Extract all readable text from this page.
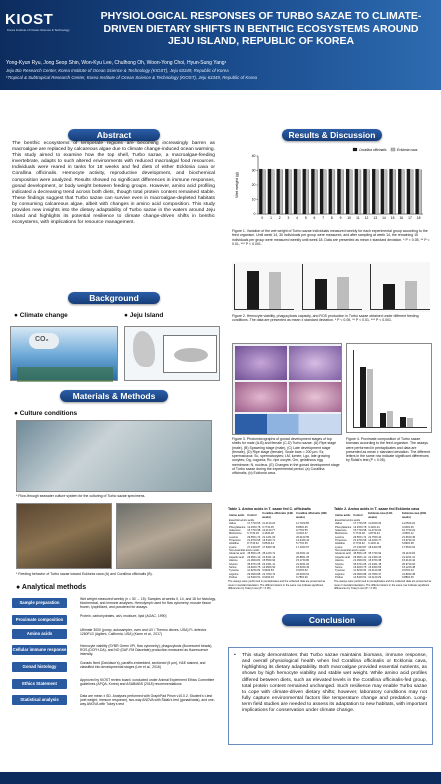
KIOST
Korea Institute of Ocean Science & Technology
PHYSIOLOGICAL RESPONSES OF TURBO SAZAE TO CLIMATE-DRIVEN DIETARY SHIFTS IN BENTHIC ECOSYSTEMS AROUND JEJU ISLAND, REPUBLIC OF KOREA
Yong-Kyun Ryu, Jong Seop Shin, Won-Kyu Lee, Chulhong Oh, Woon-Yong Choi, Hyun-Sung Yang¹
Jeju Bio Research Center, Korea Institute of Ocean Science & Technology (KIOST), Jeju 63349, Republic of Korea
¹Tropical & Subtropical Research Center, Korea Institute of Ocean Science & Technology (KIOST), Jeju 63349, Republic of Korea
Abstract
The benthic ecosystems of temperate regions are becoming increasingly barren as macroalgae are replaced by calcareous algae due to climate change-induced ocean warming. This study aimed to examine how the top shell, Turbo sazae, a macroalgae-feeding invertebrate, adapts to such altered environments with reduced macroalgal food resources. Individuals were reared in tanks for 18 weeks and fed diets of either Ecklonia cava or Corallina officinalis. Hemocyte activity, reproductive development, and biochemical composition were analyzed. Results showed no significant differences in immune responses, gonad development, or body weight between feeding groups. However, amino acid profiling indicated a decreasing trend across both diets, though total protein content remained stable. These findings suggest that Turbo sazae can survive even in macroalgae-depleted habitats by consuming calcareous algae, albeit with changes in amino acid composition. This study provides new insights into the dietary adaptability of Turbo sazae in the waters around Jeju Island and highlights its potential resilience to climate change-driven shifts in benthic ecosystems, with implications for resource management.
Background
● Climate change	● Jeju Island
CO₂
Materials & Methods
● Culture conditions
* Flow-through seawater culture system for the culturing of Turbo sazae specimens.
* Feeding behavior of Turbo sazae toward Ecklonia cava (A) and Corallina officinalis (B).
● Analytical methods
Sample preparation
Wet weight measured weekly (n = 30 → 15). Samples at weeks 0, 14, and 18 for histology, biochemical, and immune analyses. Hemolymph used for flow cytometry; muscle tissue frozen, lyophilized, and powdered for assays.
Proximate composition
Protein, carbohydrates, ash, moisture, lipid (AOAC, 1990)
Amino acids
Ultimate 3000 (pump, autosampler, oven and UV / Thermo dioxes, USA) FL detector 1260FLD (Agilent, California, USA) (Kwon et al., 2017)
Cellular immune response
Hemocyte viability (SYBR Green I/PI, flow cytometry), phagocytosis (fluorescent beads), ROS (DCFH-DA), and NO (DAF-FM Diacetate) production measured as fluorescence intensity.
Gonad histology
Gonads fixed (Davidson's), paraffin-embedded, sectioned (6 µm), H&E stained, and classified into developmental stages (Lee et al., 2016)
Ethics Statement
Approved by KIOST review board; conducted under Animal Experiment Ethics Committee guidelines (APQA, Korea) and ASAB/ABS (2018) recommendations
Statistical analysis
Data are mean ± SD. Analyses performed with GraphPad Prism v10.0.2. Student's t-test (wet weight, immune response), two-way ANOVA with Šidák's test (gonad/stats), and one-way ANOVA with Tukey's test
Results & Discussion
0
10
20
30
40
Wet weight (g)
0 1 2 3 4 5 6 7 8 9 10 11 12 13 14 15 16 17 18
Corallina officinalis	Ecklonia cava
Figure 1. Variation of the wet weight of Turbo sazae individuals measured weekly for each experimental group according to the feed organism. Until week 14, 30 individuals per group were measured, and after sampling at week 14, the remaining 15 individuals per group were measured weekly until week 18. Data are presented as mean ± standard deviation. * P < 0.05, ** P < 0.01, *** P < 0.001.
Figure 2. Hemocyte viability, phagocytosis capacity, and ROS production in Turbo sazae obtained under different feeding conditions. The data are presented as mean ± standard deviation. * P < 0.05, ** P < 0.01, *** P < 0.001.
Figure 3. Photomicrographs of gonad development stages of top shells for male (A-B) and female (C-D) Turbo sazae. (A) Ripe stage (male), (B) Spawning stage (male), (C) Late development stage (female), (D) Ripe stage (female). Scale bars = 200 µm. Sz, spermatozoa; Sc, spermatocytes; LM, lumen; Lgo, late growing oocytes; Og, oogonia; Ro, ripe oocyte; Gm, gelatinous egg membrane; N, nucleus. (E) Changes in the gonad development stage of Turbo sazae during the experimental period. (a) Corallina officinalis, (b) Ecklonia cava.
Figure 4. Proximate composition of Turbo sazae biomass according to the feed organism. The assays were performed in pentaplicates and data are presented as mean ± standard deviation. The different letters in the same row indicate significant differences by Šidák's test (P < 0.05).
Table 1. Amino acids in T. sazae fed C. officinalis
Amino acids	Control	Corallina officinalis (14th weeks)	Corallina officinalis (18th weeks)
Essential amino acids			
Valine	17.77±0.55	11.41±0.34	11.73±0.55
Phenylalanine	12.45±0.78	9.77±0.35	8.85±0.35
Isoleucine	15.77±0.98	10.11±0.77	9.77±0.55
Methionine	5.77±0.18	4.15±0.28	4.01±0.27
Leucine	29.55±1.74	21.12±1.00	20.01±0.55
Threonine	21.97±0.95	13.61±0.71	13.44±0.44
Histidine	8.77±0.42	5.85±0.44	5.77±0.35
Lysine	27.13±0.87	17.84±0.36	17.10±0.67
Non-essential amino acids			
Glutamic acid	45.55±1.25	35.12±0.71	34.00±1.22
Aspartic acid	29.99±1.13	21.81±1.12	20.88±1.25
Alanine	21.09±0.81	15.55±0.92	15.17±0.80
Glycine	35.97±1.65	22.34±1.11	21.00±1.62
Serine	16.92±0.75	14.99±0.54	15.03±0.33
Tyrosine	11.52±0.39	9.99±0.53	9.97±0.62
Arginine	29.09±0.88	22.70±0.72	22.00±0.51
Proline	12.54±0.51	9.90±0.33	9.78±0.30
The assays were performed in pentaplicates and the collected data are presented as mean ± standard deviation. The different letters in the same row indicate significant differences by Tukey's test (P < 0.05).
Table 2. Amino acids in T. sazae fed Ecklonia cava
Amino acids	Control	Ecklonia cava (14th weeks)	Ecklonia cava (18th weeks)
Essential amino acids			
Valine	17.77±0.55	11.69±0.33	11.65±0.34
Phenylalanine	12.45±0.78	9.11±0.44	9.00±0.45
Isoleucine	15.77±0.98	11.27±0.32	10.77±0.22
Methionine	5.77±0.18	4.87±0.44	4.55±0.12
Leucine	29.55±1.74	22.75±0.44	21.66±0.45
Threonine	21.97±0.95	14.22±0.77	13.97±0.31
Histidine	8.77±0.42	6.11±0.11	5.89±0.38
Lysine	27.13±0.87	18.44±0.55	17.55±0.54
Non-essential amino acids			
Glutamic acid	45.55±1.25	35.77±0.92	33.11±0.93
Aspartic acid	29.99±1.13	22.13±0.44	21.02±1.01
Alanine	21.09±0.81	15.97±0.38	15.21±0.44
Glycine	35.97±1.65	21.34±1.15	20.97±0.64
Serine	16.92±0.75	15.33±0.66	15.12±0.38
Tyrosine	11.52±0.39	10.11±0.38	9.97±0.43
Arginine	29.09±0.88	22.78±0.47	21.89±0.48
Proline	12.54±0.51	10.11±0.29	9.88±0.45
The assays were performed in pentaplicates and the collected data are presented as mean ± standard deviation. The different letters in the same row indicate significant differences by Tukey's test (P < 0.05).
Conclusion
• This study demonstrates that Turbo sazae maintains biomass, immune response, and overall physiological health when fed Corallina officinalis or Ecklonia cava, highlighting its dietary adaptability. Both macroalgae provided essential nutrients, as shown by high hemocyte viability and stable wet weight. While amino acid profiles differed between diets, such as elevated levels in the Corallina officinalis-fed group, total protein content remained unchanged. Such resilience may enable Turbo sazae to cope with climate-driven dietary shifts; however, laboratory conditions may not fully capture environmental factors like temperature change and predation. Long-term field studies are needed to assess its adaptation to new habitats, with important implications for conservation under climate change.
